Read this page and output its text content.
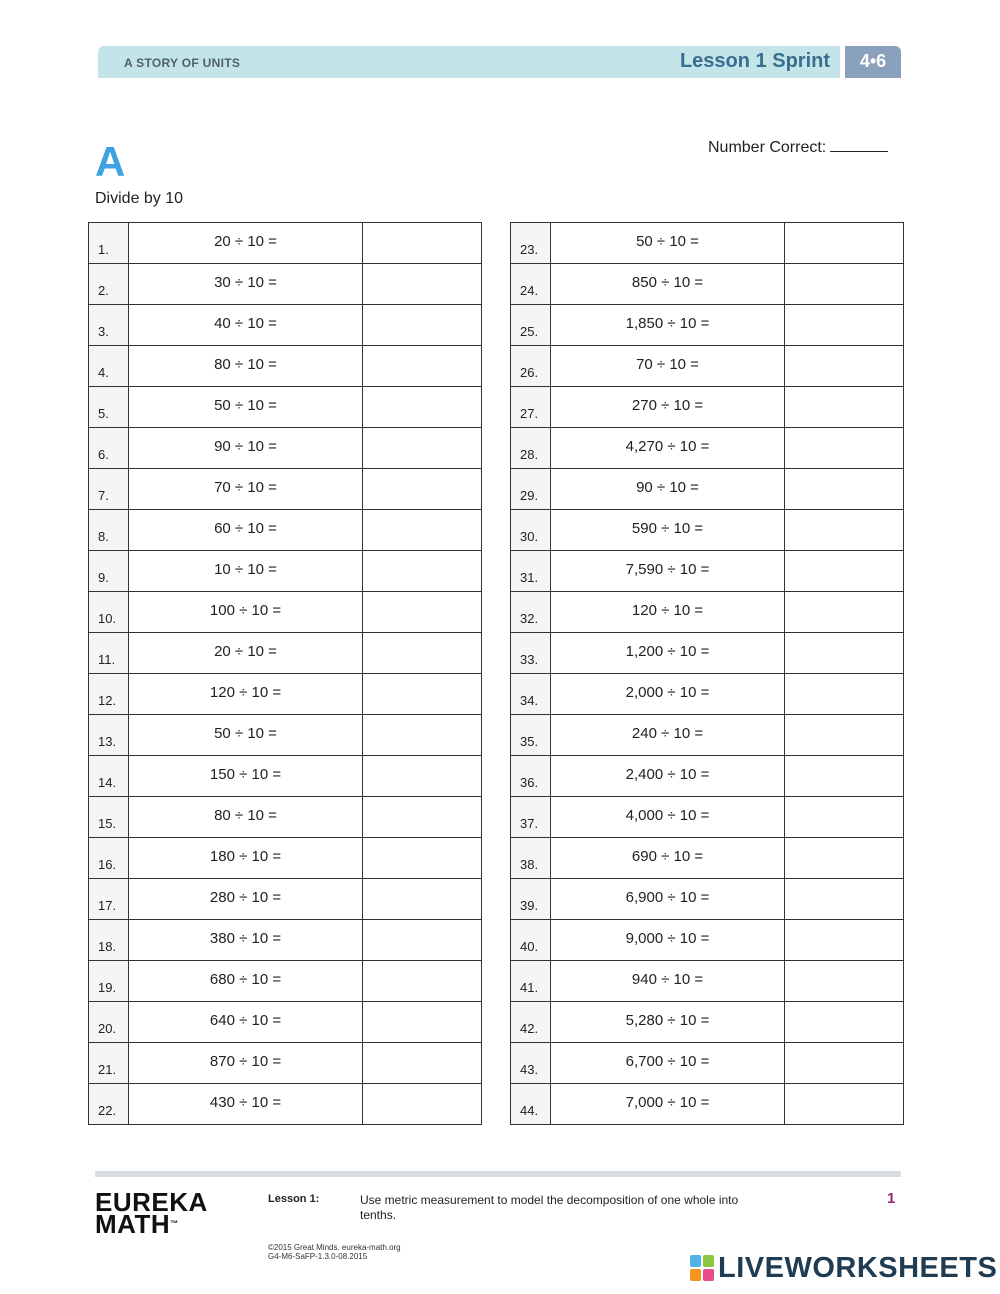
A STORY OF UNITS	Lesson 1 Sprint	4•6
A
Divide by 10
Number Correct:
1.	20 ÷ 10 =	
2.	30 ÷ 10 =	
3.	40 ÷ 10 =	
4.	80 ÷ 10 =	
5.	50 ÷ 10 =	
6.	90 ÷ 10 =	
7.	70 ÷ 10 =	
8.	60 ÷ 10 =	
9.	10 ÷ 10 =	
10.	100 ÷ 10 =	
11.	20 ÷ 10 =	
12.	120 ÷ 10 =	
13.	50 ÷ 10 =	
14.	150 ÷ 10 =	
15.	80 ÷ 10 =	
16.	180 ÷ 10 =	
17.	280 ÷ 10 =	
18.	380 ÷ 10 =	
19.	680 ÷ 10 =	
20.	640 ÷ 10 =	
21.	870 ÷ 10 =	
22.	430 ÷ 10 =	
23.	50 ÷ 10 =	
24.	850 ÷ 10 =	
25.	1,850 ÷ 10 =	
26.	70 ÷ 10 =	
27.	270 ÷ 10 =	
28.	4,270 ÷ 10 =	
29.	90 ÷ 10 =	
30.	590 ÷ 10 =	
31.	7,590 ÷ 10 =	
32.	120 ÷ 10 =	
33.	1,200 ÷ 10 =	
34.	2,000 ÷ 10 =	
35.	240 ÷ 10 =	
36.	2,400 ÷ 10 =	
37.	4,000 ÷ 10 =	
38.	690 ÷ 10 =	
39.	6,900 ÷ 10 =	
40.	9,000 ÷ 10 =	
41.	940 ÷ 10 =	
42.	5,280 ÷ 10 =	
43.	6,700 ÷ 10 =	
44.	7,000 ÷ 10 =	
EUREKA
MATH™
Lesson 1:	Use metric measurement to model the decomposition of one whole into tenths.
1
©2015 Great Minds. eureka-math.org
G4-M6-SaFP-1.3.0-08.2015	LIVEWORKSHEETS
